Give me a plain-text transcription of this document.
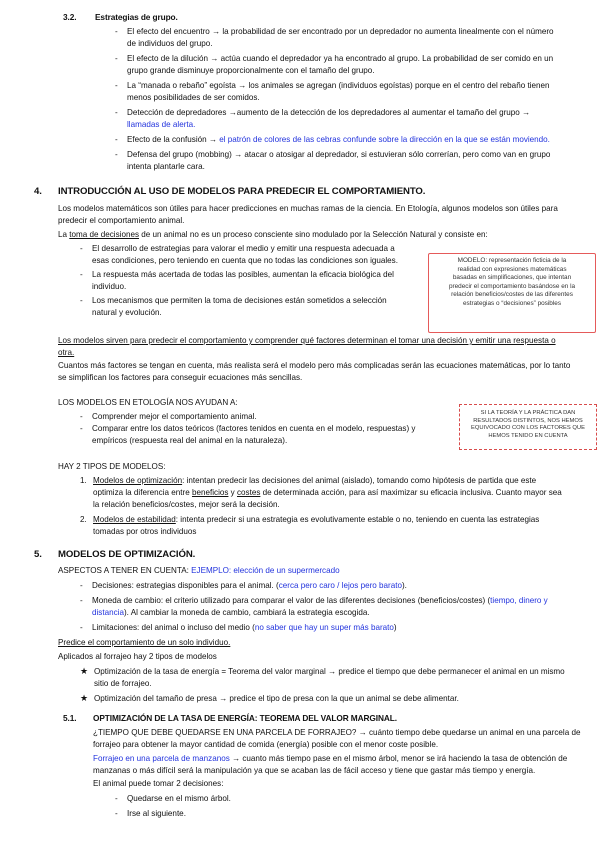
3.2. Estrategias de grupo.
- El efecto del encuentro → la probabilidad de ser encontrado por un depredador no aumenta linealmente con el número
de individuos del grupo.
- El efecto de la dilución → actúa cuando el depredador ya ha encontrado al grupo. La probabilidad de ser comido en un
grupo grande disminuye proporcionalmente con el tamaño del grupo.
- La “manada o rebaño” egoísta → los animales se agregan (individuos egoístas) porque en el centro del rebaño tienen
menos posibilidades de ser comidos.
- Detección de depredadores →aumento de la detección de los depredadores al aumentar el tamaño del grupo →
llamadas de alerta.
- Efecto de la confusión → el patrón de colores de las cebras confunde sobre la dirección en la que se están moviendo.
- Defensa del grupo (mobbing) → atacar o atosigar al depredador, si estuvieran sólo correrían, pero como van en grupo
intenta plantarle cara.
4. INTRODUCCIÓN AL USO DE MODELOS PARA PREDECIR EL COMPORTAMIENTO.
Los modelos matemáticos son útiles para hacer predicciones en muchas ramas de la ciencia. En Etología, algunos modelos son útiles para
predecir el comportamiento animal.
La toma de decisiones de un animal no es un proceso consciente sino modulado por la Selección Natural y consiste en:
- El desarrollo de estrategias para valorar el medio y emitir una respuesta adecuada a
esas condiciones, pero teniendo en cuenta que no todas las condiciones son iguales.
- La respuesta más acertada de todas las posibles, aumentan la eficacia biológica del
individuo.
- Los mecanismos que permiten la toma de decisiones están sometidos a selección
natural y evolución.
MODELO: representación ficticia de la
realidad con expresiones matemáticas
basadas en simplificaciones, que intentan
predecir el comportamiento basándose en la
relación beneficios/costes de las diferentes
estrategias o “decisiones” posibles
Los modelos sirven para predecir el comportamiento y comprender qué factores determinan el tomar una decisión y emitir una respuesta o
otra.
Cuantos más factores se tengan en cuenta, más realista será el modelo pero más complicadas serán las ecuaciones matemáticas, por lo tanto
se simplifican los factores para conseguir ecuaciones más sencillas.
LOS MODELOS EN ETOLOGÍA NOS AYUDAN A:
- Comprender mejor el comportamiento animal.
- Comparar entre los datos teóricos (factores tenidos en cuenta en el modelo, respuestas) y
empíricos (respuesta real del animal en la naturaleza).
SI LA TEORÍA Y LA PRÁCTICA DAN
RESULTADOS DISTINTOS, NOS HEMOS
EQUIVOCADO CON LOS FACTORES QUE
HEMOS TENIDO EN CUENTA
HAY 2 TIPOS DE MODELOS:
1. Modelos de optimización: intentan predecir las decisiones del animal (aislado), tomando como hipótesis de partida que este
optimiza la diferencia entre beneficios y costes de determinada acción, para así maximizar su eficacia inclusiva. Cuanto mayor sea
la relación beneficios/costes, mejor será la decisión.
2. Modelos de estabilidad: intenta predecir si una estrategia es evolutivamente estable o no, teniendo en cuenta las estrategias
tomadas por otros individuos
5. MODELOS DE OPTIMIZACIÓN.
ASPECTOS A TENER EN CUENTA: EJEMPLO: elección de un supermercado
- Decisiones: estrategias disponibles para el animal. (cerca pero caro / lejos pero barato).
- Moneda de cambio: el criterio utilizado para comparar el valor de las diferentes decisiones (beneficios/costes) (tiempo, dinero y
distancia). Al cambiar la moneda de cambio, cambiará la estrategia escogida.
- Limitaciones: del animal o incluso del medio (no saber que hay un super más barato)
Predice el comportamiento de un solo individuo.
Aplicados al forrajeo hay 2 tipos de modelos
★ Optimización de la tasa de energía = Teorema del valor marginal → predice el tiempo que debe permanecer el animal en un mismo
sitio de forrajeo.
★ Optimización del tamaño de presa → predice el tipo de presa con la que un animal se debe alimentar.
5.1. OPTIMIZACIÓN DE LA TASA DE ENERGÍA: TEOREMA DEL VALOR MARGINAL.
¿TIEMPO QUE DEBE QUEDARSE EN UNA PARCELA DE FORRAJEO? → cuánto tiempo debe quedarse un animal en una parcela de
forrajeo para obtener la mayor cantidad de comida (energía) posible con el menor coste posible.
Forrajeo en una parcela de manzanos → cuanto más tiempo pase en el mismo árbol, menor se irá haciendo la tasa de obtención de
manzanas o más difícil será la manipulación ya que se acaban las de fácil acceso y tiene que gastar más tiempo y energía.
El animal puede tomar 2 decisiones:
- Quedarse en el mismo árbol.
- Irse al siguiente.
